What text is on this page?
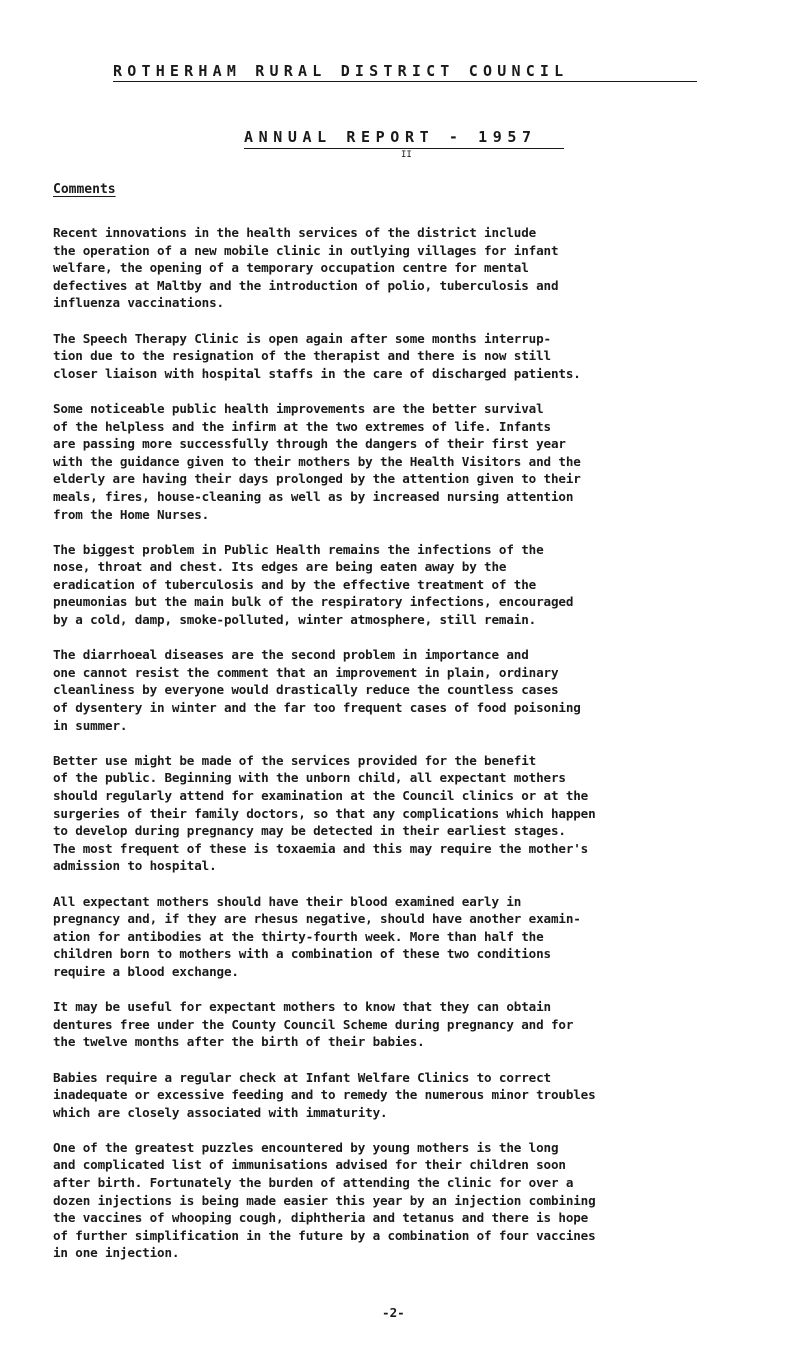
ROTHERHAM RURAL DISTRICT COUNCIL
ANNUAL REPORT - 1957
II
Comments

Recent innovations in the health services of the district include
the operation of a new mobile clinic in outlying villages for infant
welfare, the opening of a temporary occupation centre for mental
defectives at Maltby and the introduction of polio, tuberculosis and
influenza vaccinations.

The Speech Therapy Clinic is open again after some months interrup-
tion due to the resignation of the therapist and there is now still
closer liaison with hospital staffs in the care of discharged patients.

Some noticeable public health improvements are the better survival
of the helpless and the infirm at the two extremes of life. Infants
are passing more successfully through the dangers of their first year
with the guidance given to their mothers by the Health Visitors and the
elderly are having their days prolonged by the attention given to their
meals, fires, house-cleaning as well as by increased nursing attention
from the Home Nurses.

The biggest problem in Public Health remains the infections of the
nose, throat and chest. Its edges are being eaten away by the
eradication of tuberculosis and by the effective treatment of the
pneumonias but the main bulk of the respiratory infections, encouraged
by a cold, damp, smoke-polluted, winter atmosphere, still remain.

The diarrhoeal diseases are the second problem in importance and
one cannot resist the comment that an improvement in plain, ordinary
cleanliness by everyone would drastically reduce the countless cases
of dysentery in winter and the far too frequent cases of food poisoning
in summer.

Better use might be made of the services provided for the benefit
of the public. Beginning with the unborn child, all expectant mothers
should regularly attend for examination at the Council clinics or at the
surgeries of their family doctors, so that any complications which happen
to develop during pregnancy may be detected in their earliest stages.
The most frequent of these is toxaemia and this may require the mother's
admission to hospital.

All expectant mothers should have their blood examined early in
pregnancy and, if they are rhesus negative, should have another examin-
ation for antibodies at the thirty-fourth week. More than half the
children born to mothers with a combination of these two conditions
require a blood exchange.

It may be useful for expectant mothers to know that they can obtain
dentures free under the County Council Scheme during pregnancy and for
the twelve months after the birth of their babies.

Babies require a regular check at Infant Welfare Clinics to correct
inadequate or excessive feeding and to remedy the numerous minor troubles
which are closely associated with immaturity.

One of the greatest puzzles encountered by young mothers is the long
and complicated list of immunisations advised for their children soon
after birth. Fortunately the burden of attending the clinic for over a
dozen injections is being made easier this year by an injection combining
the vaccines of whooping cough, diphtheria and tetanus and there is hope
of further simplification in the future by a combination of four vaccines
in one injection.

-2-
